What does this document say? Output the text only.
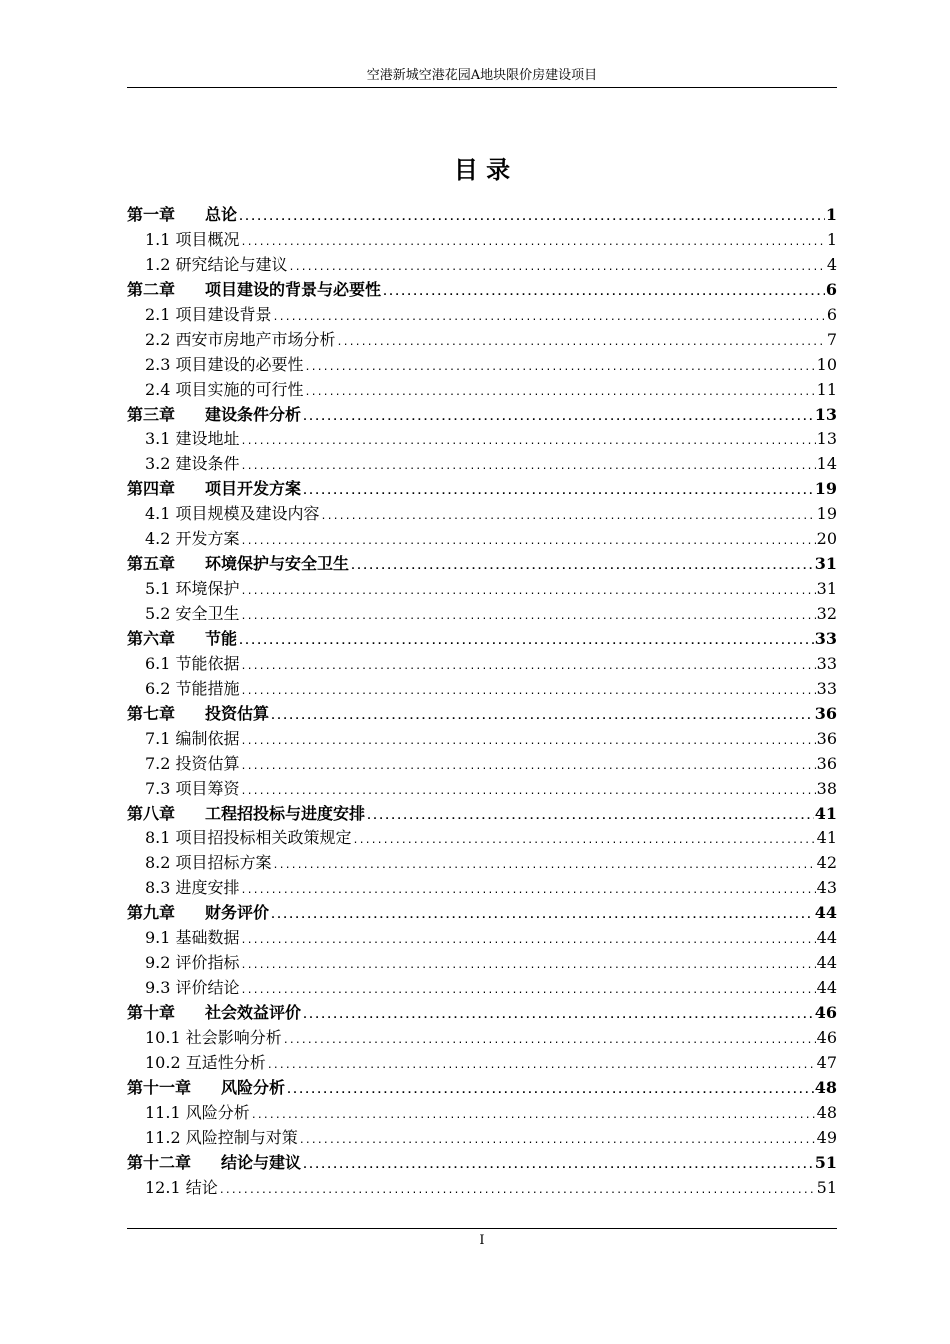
空港新城空港花园A地块限价房建设项目
目 录
第一章 总论 .....	1
1.1 项目概况 .....	1
1.2 研究结论与建议 .....	4
第二章 项目建设的背景与必要性 .....	6
2.1 项目建设背景 .....	6
2.2 西安市房地产市场分析 .....	7
2.3 项目建设的必要性 .....	10
2.4 项目实施的可行性 .....	11
第三章 建设条件分析 .....	13
3.1 建设地址 .....	13
3.2 建设条件 .....	14
第四章 项目开发方案 .....	19
4.1 项目规模及建设内容 .....	19
4.2 开发方案 .....	20
第五章 环境保护与安全卫生 .....	31
5.1 环境保护 .....	31
5.2 安全卫生 .....	32
第六章 节能 .....	33
6.1 节能依据 .....	33
6.2 节能措施 .....	33
第七章 投资估算 .....	36
7.1 编制依据 .....	36
7.2 投资估算 .....	36
7.3 项目筹资 .....	38
第八章 工程招投标与进度安排 .....	41
8.1 项目招投标相关政策规定 .....	41
8.2 项目招标方案 .....	42
8.3 进度安排 .....	43
第九章 财务评价 .....	44
9.1 基础数据 .....	44
9.2 评价指标 .....	44
9.3 评价结论 .....	44
第十章 社会效益评价 .....	46
10.1 社会影响分析 .....	46
10.2 互适性分析 .....	47
第十一章 风险分析 .....	48
11.1 风险分析 .....	48
11.2 风险控制与对策 .....	49
第十二章 结论与建议 .....	51
12.1 结论 .....	51
I
